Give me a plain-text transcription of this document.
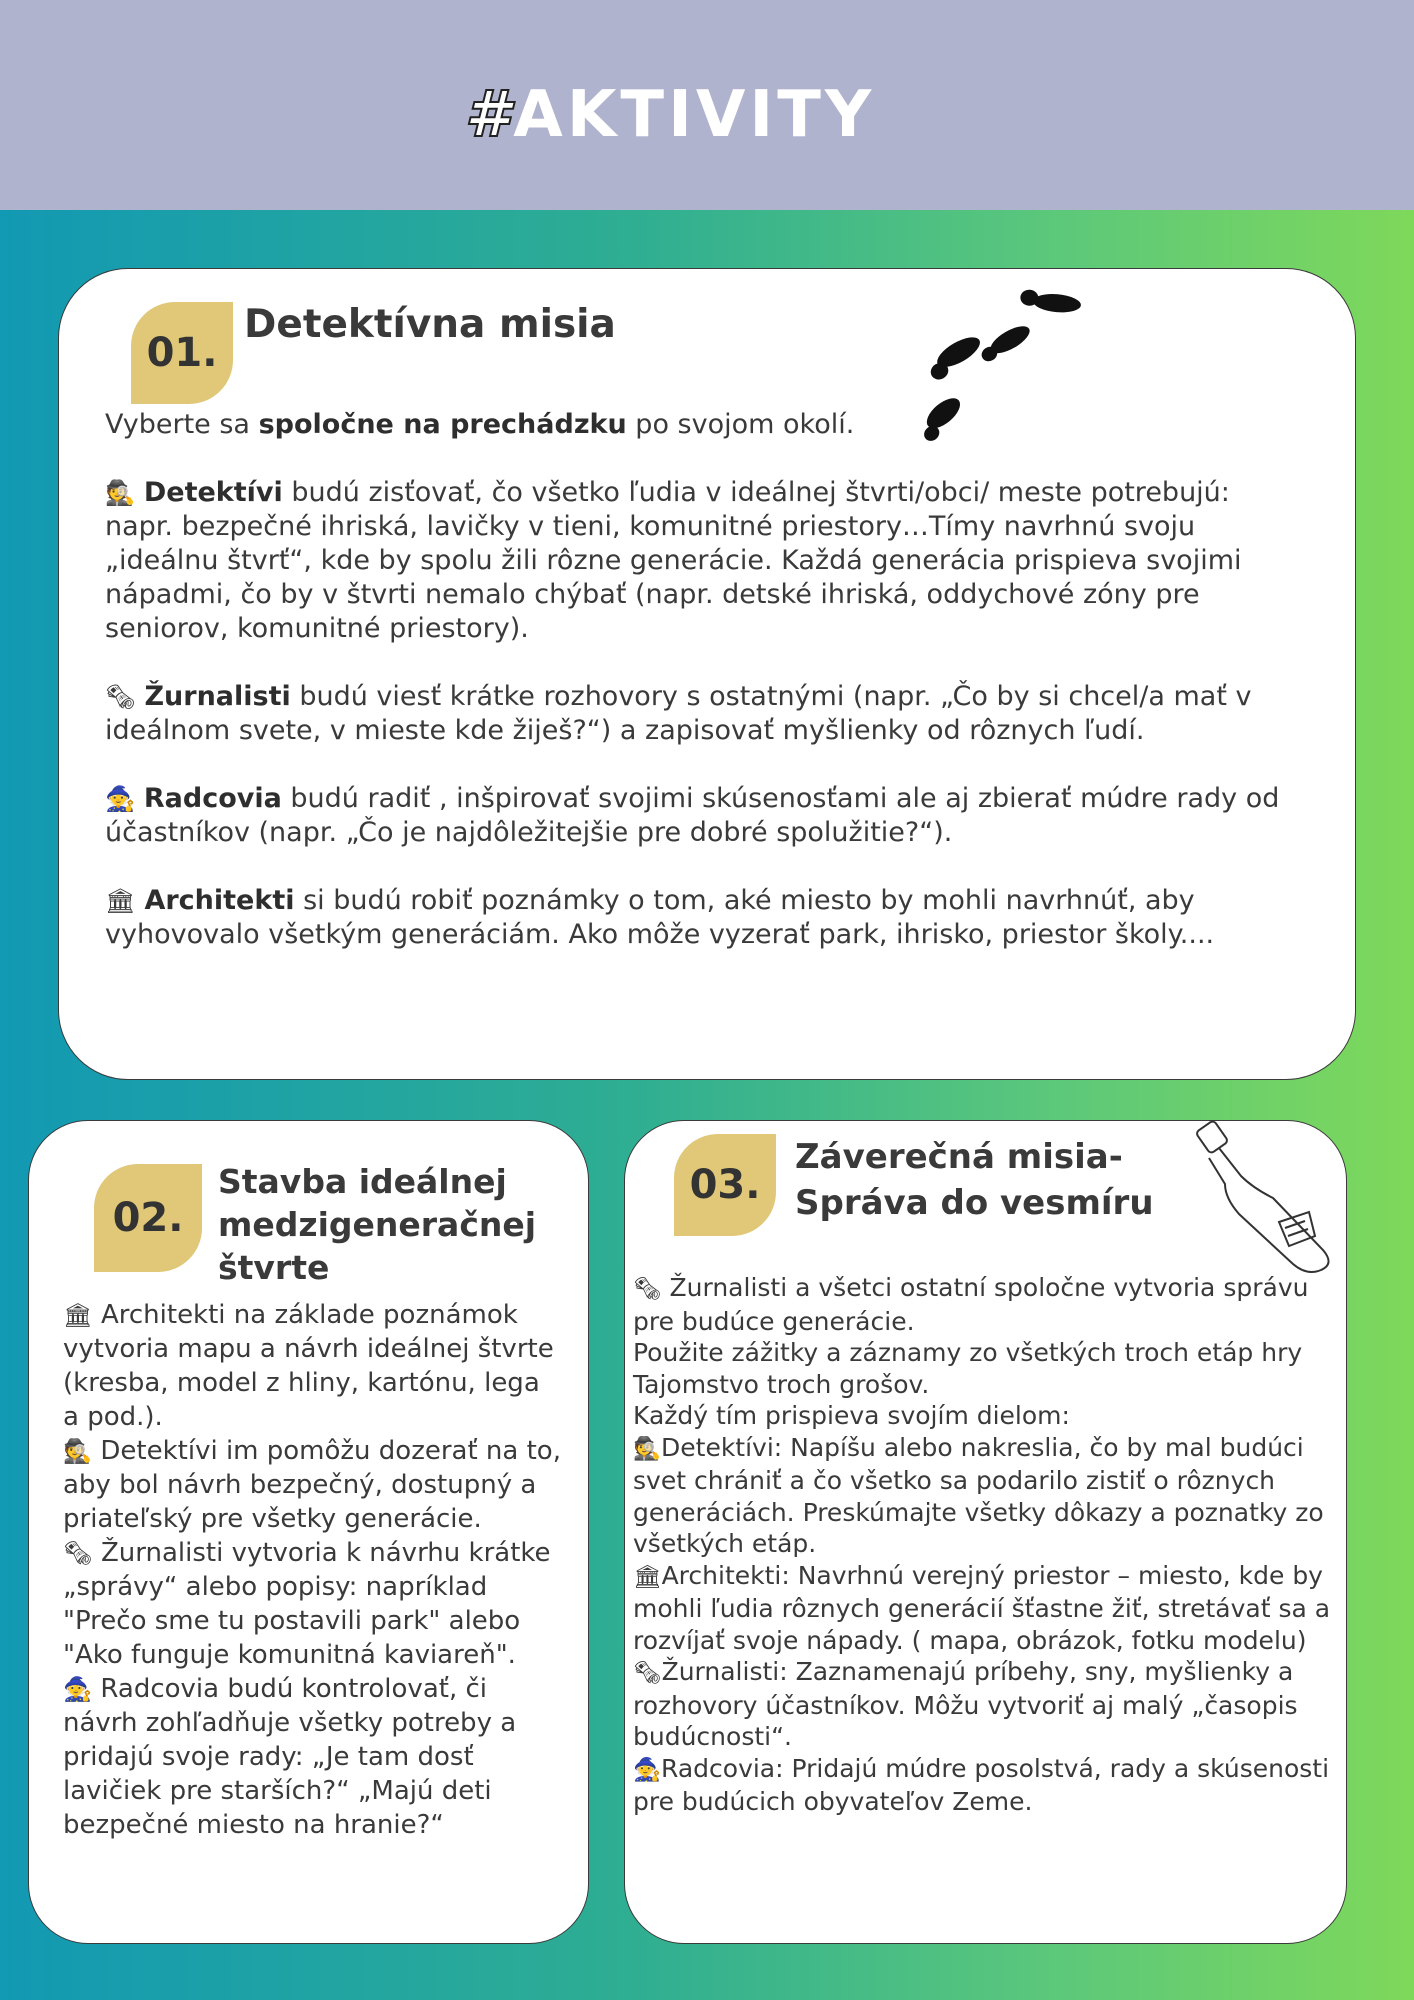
#AKTIVITY
01.
Detektívna misia

Vyberte sa spoločne na prechádzku po svojom okolí.

🕵 Detektívi budú zisťovať, čo všetko ľudia v ideálnej štvrti/obci/ meste potrebujú: napr. bezpečné ihriská, lavičky v tieni, komunitné priestory…Tímy navrhnú svoju „ideálnu štvrť“, kde by spolu žili rôzne generácie. Každá generácia prispieva svojimi nápadmi, čo by v štvrti nemalo chýbať (napr. detské ihriská, oddychové zóny pre seniorov, komunitné priestory).

🗞 Žurnalisti budú viesť krátke rozhovory s ostatnými (napr. „Čo by si chcel/a mať v ideálnom svete, v mieste kde žiješ?“) a zapisovať myšlienky od rôznych ľudí.

🧙 Radcovia budú radiť , inšpirovať svojimi skúsenosťami ale aj zbierať múdre rady od účastníkov (napr. „Čo je najdôležitejšie pre dobré spolužitie?“).

🏛 Architekti si budú robiť poznámky o tom, aké miesto by mohli navrhnúť, aby vyhovovalo všetkým generáciám. Ako môže vyzerať park, ihrisko, priestor školy....

02.
Stavba ideálnej
medzigeneračnej
štvrte

🏛 Architekti na základe poznámok vytvoria mapu a návrh ideálnej štvrte (kresba, model z hliny, kartónu, lega a pod.).

🕵 Detektívi im pomôžu dozerať na to, aby bol návrh bezpečný, dostupný a priateľský pre všetky generácie.

🗞 Žurnalisti vytvoria k návrhu krátke „správy“ alebo popisy: napríklad "Prečo sme tu postavili park" alebo "Ako funguje komunitná kaviareň".

🧙 Radcovia budú kontrolovať, či návrh zohľadňuje všetky potreby a pridajú svoje rady: „Je tam dosť lavičiek pre starších?“ „Majú deti bezpečné miesto na hranie?“

03.
Záverečná misia-
Správa do vesmíru

🗞 Žurnalisti a všetci ostatní spoločne vytvoria správu pre budúce generácie.

Použite zážitky a záznamy zo všetkých troch etáp hry Tajomstvo troch grošov.

Každý tím prispieva svojím dielom:

🕵Detektívi: Napíšu alebo nakreslia, čo by mal budúci svet chrániť a čo všetko sa podarilo zistiť o rôznych generáciách. Preskúmajte všetky dôkazy a poznatky zo všetkých etáp.

🏛Architekti: Navrhnú verejný priestor – miesto, kde by mohli ľudia rôznych generácií šťastne žiť, stretávať sa a rozvíjať svoje nápady. ( mapa, obrázok, fotku modelu)

🗞Žurnalisti: Zaznamenajú príbehy, sny, myšlienky a rozhovory účastníkov. Môžu vytvoriť aj malý „časopis budúcnosti“.

🧙Radcovia: Pridajú múdre posolstvá, rady a skúsenosti pre budúcich obyvateľov Zeme.
